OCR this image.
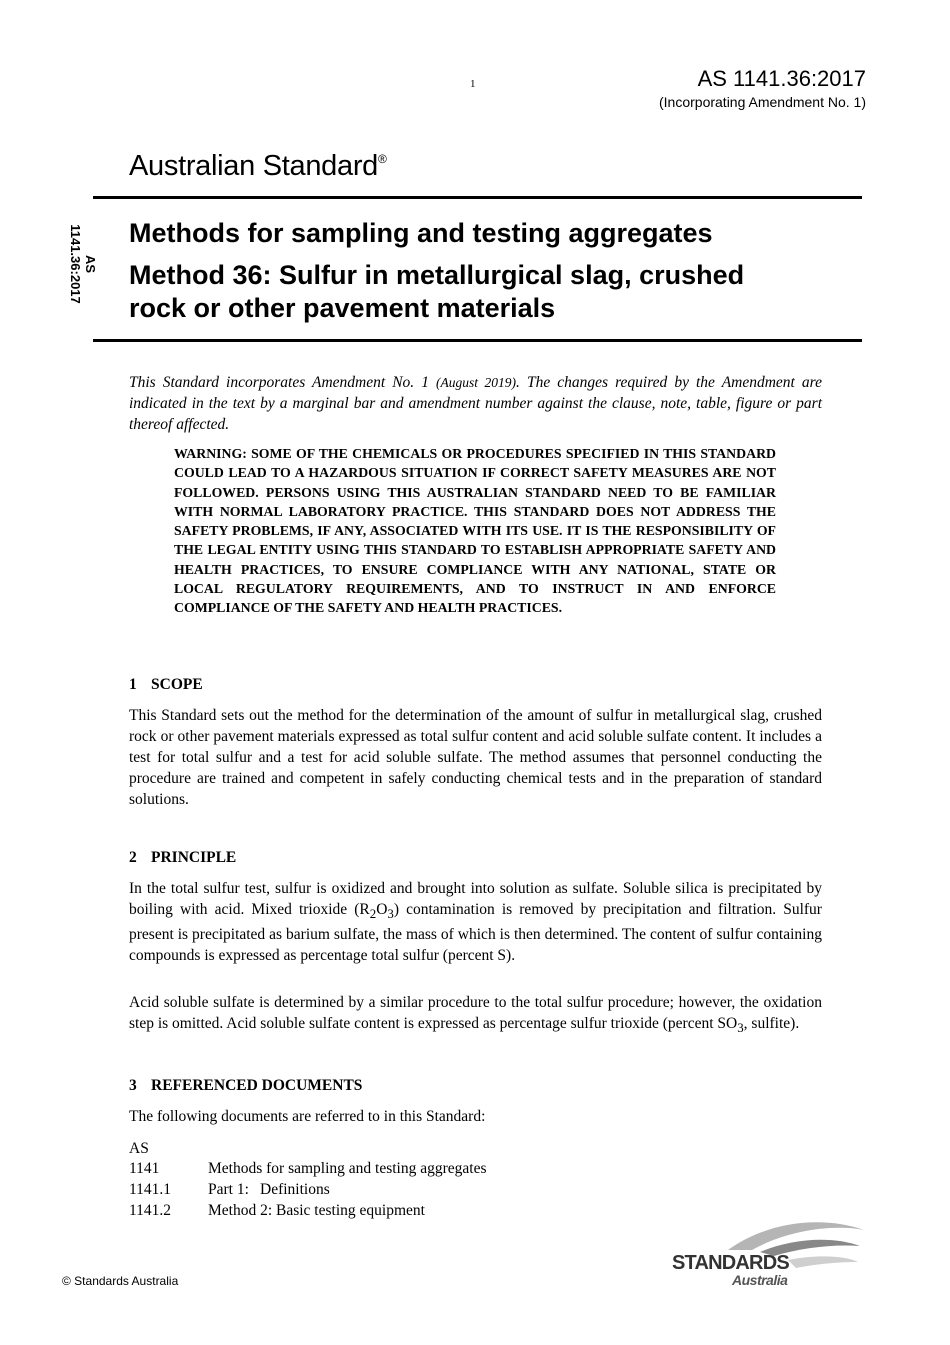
1	AS 1141.36:2017
(Incorporating Amendment No. 1)
Australian Standard®
AS 1141.36:2017	Methods for sampling and testing aggregates
Method 36: Sulfur in metallurgical slag, crushed
rock or other pavement materials
This Standard incorporates Amendment No. 1 (August 2019). The changes required by the Amendment are indicated in the text by a marginal bar and amendment number against the clause, note, table, figure or part thereof affected.
WARNING: SOME OF THE CHEMICALS OR PROCEDURES SPECIFIED IN THIS STANDARD COULD LEAD TO A HAZARDOUS SITUATION IF CORRECT SAFETY MEASURES ARE NOT FOLLOWED. PERSONS USING THIS AUSTRALIAN STANDARD NEED TO BE FAMILIAR WITH NORMAL LABORATORY PRACTICE. THIS STANDARD DOES NOT ADDRESS THE SAFETY PROBLEMS, IF ANY, ASSOCIATED WITH ITS USE. IT IS THE RESPONSIBILITY OF THE LEGAL ENTITY USING THIS STANDARD TO ESTABLISH APPROPRIATE SAFETY AND HEALTH PRACTICES, TO ENSURE COMPLIANCE WITH ANY NATIONAL, STATE OR LOCAL REGULATORY REQUIREMENTS, AND TO INSTRUCT IN AND ENFORCE COMPLIANCE OF THE SAFETY AND HEALTH PRACTICES.
1 SCOPE
This Standard sets out the method for the determination of the amount of sulfur in metallurgical slag, crushed rock or other pavement materials expressed as total sulfur content and acid soluble sulfate content. It includes a test for total sulfur and a test for acid soluble sulfate. The method assumes that personnel conducting the procedure are trained and competent in safely conducting chemical tests and in the preparation of standard solutions.
2 PRINCIPLE
In the total sulfur test, sulfur is oxidized and brought into solution as sulfate. Soluble silica is precipitated by boiling with acid. Mixed trioxide $(R_2O_3)$ contamination is removed by precipitation and filtration. Sulfur present is precipitated as barium sulfate, the mass of which is then determined. The content of sulfur containing compounds is expressed as percentage total sulfur (percent S).
Acid soluble sulfate is determined by a similar procedure to the total sulfur procedure; however, the oxidation step is omitted. Acid soluble sulfate content is expressed as percentage sulfur trioxide (percent $SO_3$, sulfite).
3 REFERENCED DOCUMENTS
The following documents are referred to in this Standard:
AS
1141	Methods for sampling and testing aggregates
1141.1 Part 1: Definitions
1141.2 Method 2: Basic testing equipment
© Standards Australia
STANDARDS
Australia
